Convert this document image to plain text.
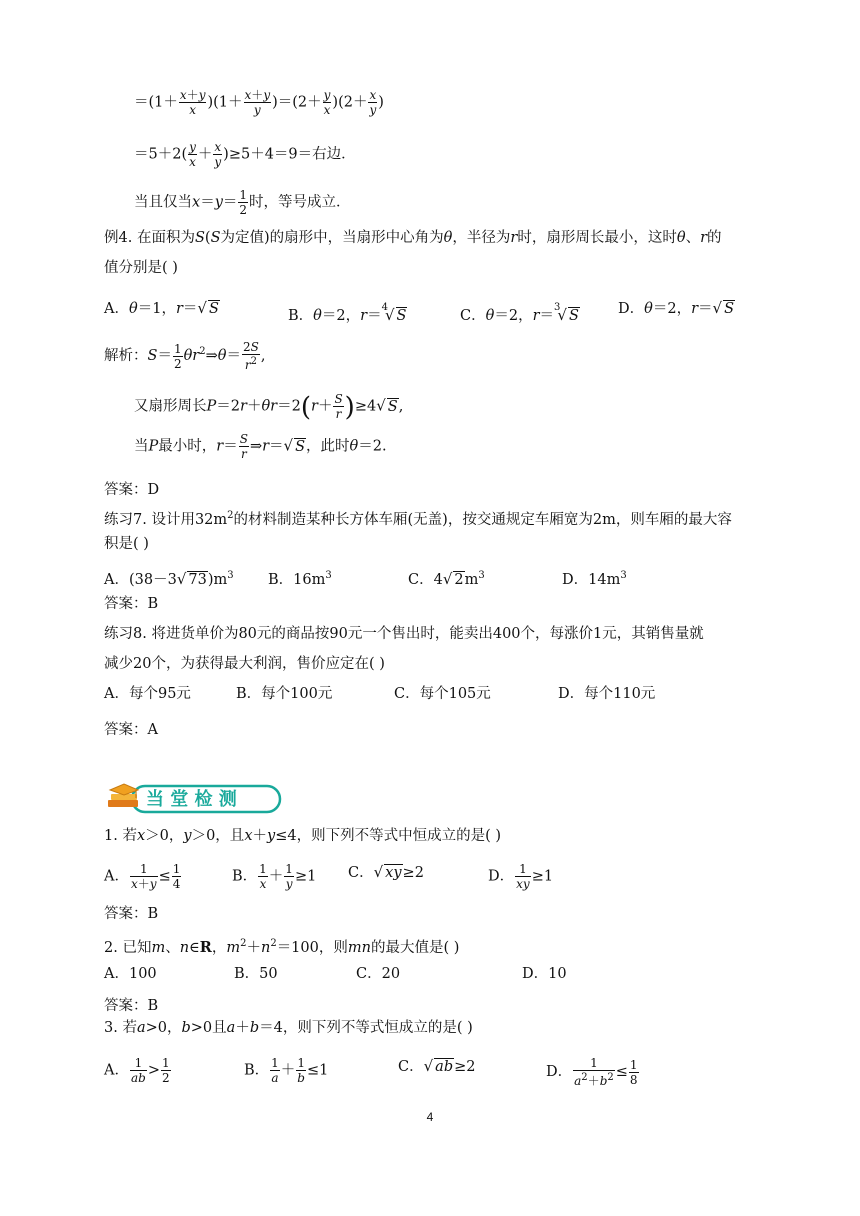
$=(1+ \frac{x+y}{x} )(1+ \frac{x+y}{y} )=(2+ \frac{y}{x} )(2+ \frac{x}{y}$ )
$=5+2( \frac{y}{x} + \frac{x}{y} )\ge 5+4=9=$右边．
当且仅当$x=y= \frac{1}{2}$ 时，等号成立．
例4. 在面积为S(S为定值)的扇形中，当扇形中心角为θ，半径为r时，扇形周长最小，这时θ、r的
值分别是( )
A．θ＝1，r＝√ S	B．θ＝2，r＝$^4$√ S	C．θ＝2，r＝$^3$√ S	D．θ＝2，r＝√ S
解析：$S= \frac{1}{2}$ $\theta r^2\Rightarrow\theta= \frac{2S}{r^2}$ ,
又扇形周长$P=2r+\theta r=2(r+ \frac{S}{r} )\ge 4√$ S,
当P最小时，$r= \frac{S}{r}$ ⇒r＝√ S，此时θ＝2.
答案：D
练习7. 设计用$32m^2$的材料制造某种长方体车厢(无盖)，按交通规定车厢宽为2m，则车厢的最大容
积是( )
A．(38－3√ $73)m^3$ B．$16m^3$	C．4√ $2m^3$	D．$14m^3$
答案：B
练习8. 将进货单价为80元的商品按90元一个售出时，能卖出400个，每涨价1元，其销售量就
减少20个，为获得最大利润，售价应定在( )
A．每个95元	B．每个100元	C．每个105元	D．每个110元
答案：A
当 堂 检 测
1. 若x＞0，y＞0，且x＋y≤4，则下列不等式中恒成立的是( )
A． $\frac{1}{x+y} \le \frac{1}{4}$	B． $\frac{1}{x} + \frac{1}{y} \ge 1$ C．√ xy≥2	D． $\frac{1}{xy} \ge 1$
答案：B
2. 已知m、n∈R，$m^2+n^2=100$，则mn的最大值是( )
A．100	B．50	C．20	D．10
答案：B
3. 若a>0，b>0且a＋b＝4，则下列不等式恒成立的是( )
A． $\frac{1}{ab} > \frac{1}{2}$	B． $\frac{1}{a} + \frac{1}{b} \le 1$	C．√ ab≥2	D． $\frac{1}{a^2+b^2} \le \frac{1}{8}$
4
